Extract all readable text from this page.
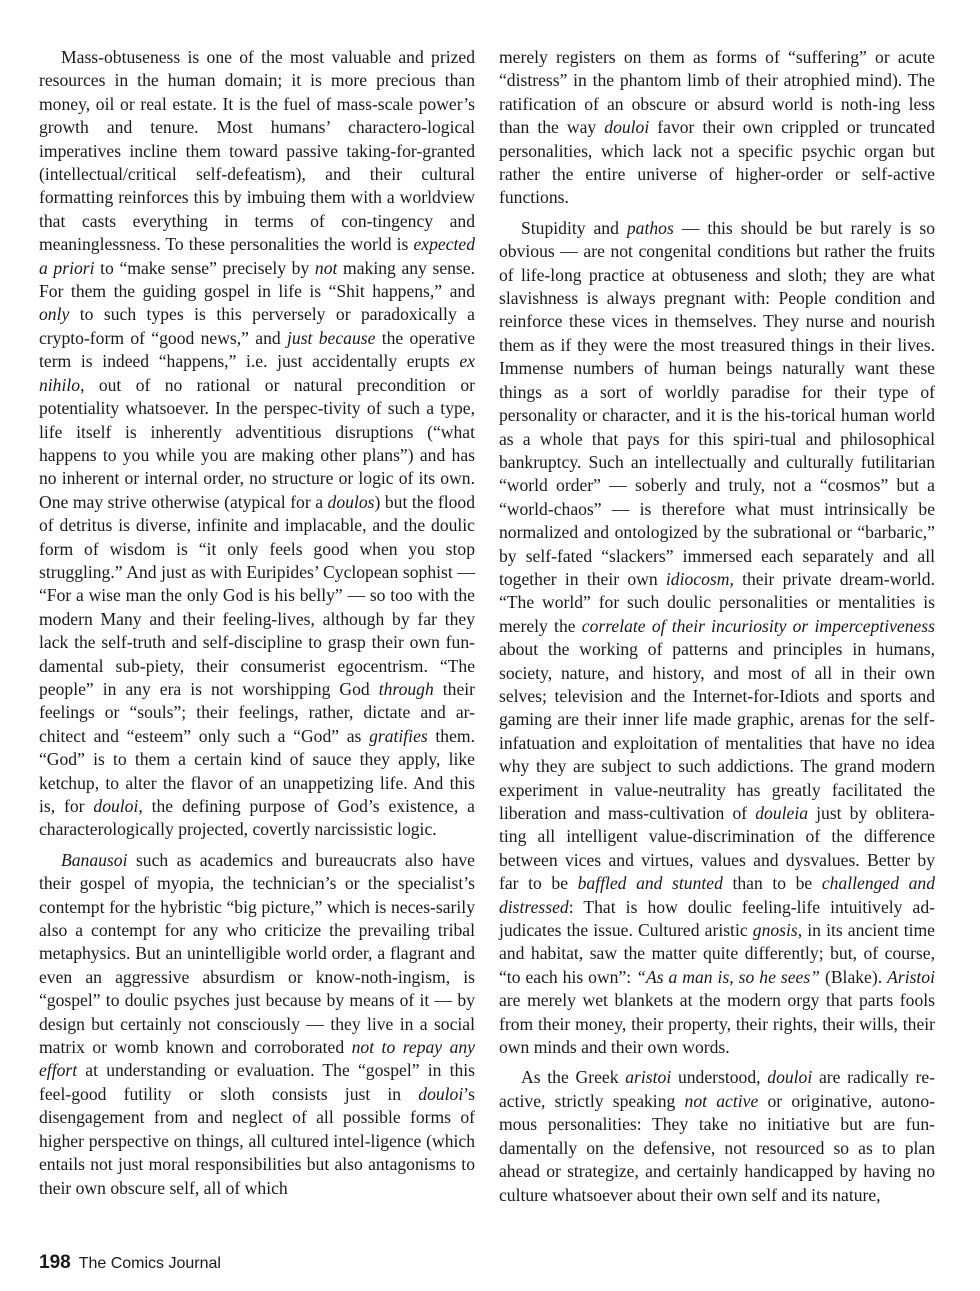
Mass-obtuseness is one of the most valuable and prized resources in the human domain; it is more precious than money, oil or real estate. It is the fuel of mass-scale power’s growth and tenure. Most humans’ charactero-logical imperatives incline them toward passive taking-for-granted (intellectual/critical self-defeatism), and their cultural formatting reinforces this by imbuing them with a worldview that casts everything in terms of con-tingency and meaninglessness. To these personalities the world is expected a priori to “make sense” precisely by not making any sense. For them the guiding gospel in life is “Shit happens,” and only to such types is this perversely or paradoxically a crypto-form of “good news,” and just because the operative term is indeed “happens,” i.e. just accidentally erupts ex nihilo, out of no rational or natural precondition or potentiality whatsoever. In the perspec-tivity of such a type, life itself is inherently adventitious disruptions (“what happens to you while you are making other plans”) and has no inherent or internal order, no structure or logic of its own. One may strive otherwise (atypical for a doulos) but the flood of detritus is diverse, infinite and implacable, and the doulic form of wisdom is “it only feels good when you stop struggling.” And just as with Euripides’ Cyclopean sophist — “For a wise man the only God is his belly” — so too with the modern Many and their feeling-lives, although by far they lack the self-truth and self-discipline to grasp their own fun-damental sub-piety, their consumerist egocentrism. “The people” in any era is not worshipping God through their feelings or “souls”; their feelings, rather, dictate and ar-chitect and “esteem” only such a “God” as gratifies them. “God” is to them a certain kind of sauce they apply, like ketchup, to alter the flavor of an unappetizing life. And this is, for douloi, the defining purpose of God’s existence, a characterologically projected, covertly narcissistic logic.

Banausoi such as academics and bureaucrats also have their gospel of myopia, the technician’s or the specialist’s contempt for the hybristic “big picture,” which is neces-sarily also a contempt for any who criticize the prevailing tribal metaphysics. But an unintelligible world order, a flagrant and even an aggressive absurdism or know-noth-ingism, is “gospel” to doulic psyches just because by means of it — by design but certainly not consciously — they live in a social matrix or womb known and corroborated not to repay any effort at understanding or evaluation. The “gospel” in this feel-good futility or sloth consists just in douloi’s disengagement from and neglect of all possible forms of higher perspective on things, all cultured intel-ligence (which entails not just moral responsibilities but also antagonisms to their own obscure self, all of which

merely registers on them as forms of “suffering” or acute “distress” in the phantom limb of their atrophied mind). The ratification of an obscure or absurd world is noth-ing less than the way douloi favor their own crippled or truncated personalities, which lack not a specific psychic organ but rather the entire universe of higher-order or self-active functions.

Stupidity and pathos — this should be but rarely is so obvious — are not congenital conditions but rather the fruits of life-long practice at obtuseness and sloth; they are what slavishness is always pregnant with: People condition and reinforce these vices in themselves. They nurse and nourish them as if they were the most treasured things in their lives. Immense numbers of human beings naturally want these things as a sort of worldly paradise for their type of personality or character, and it is the his-torical human world as a whole that pays for this spiri-tual and philosophical bankruptcy. Such an intellectually and culturally futilitarian “world order” — soberly and truly, not a “cosmos” but a “world-chaos” — is therefore what must intrinsically be normalized and ontologized by the subrational or “barbaric,” by self-fated “slackers” immersed each separately and all together in their own idiocosm, their private dream-world. “The world” for such doulic personalities or mentalities is merely the correlate of their incuriosity or imperceptiveness about the working of patterns and principles in humans, society, nature, and history, and most of all in their own selves; television and the Internet-for-Idiots and sports and gaming are their inner life made graphic, arenas for the self-infatuation and exploitation of mentalities that have no idea why they are subject to such addictions. The grand modern experiment in value-neutrality has greatly facilitated the liberation and mass-cultivation of douleia just by oblitera-ting all intelligent value-discrimination of the difference between vices and virtues, values and dysvalues. Better by far to be baffled and stunted than to be challenged and distressed: That is how doulic feeling-life intuitively ad-judicates the issue. Cultured aristic gnosis, in its ancient time and habitat, saw the matter quite differently; but, of course, “to each his own”: “As a man is, so he sees” (Blake). Aristoi are merely wet blankets at the modern orgy that parts fools from their money, their property, their rights, their wills, their own minds and their own words.

As the Greek aristoi understood, douloi are radically re-active, strictly speaking not active or originative, autono-mous personalities: They take no initiative but are fun-damentally on the defensive, not resourced so as to plan ahead or strategize, and certainly handicapped by having no culture whatsoever about their own self and its nature,

198 The Comics Journal
